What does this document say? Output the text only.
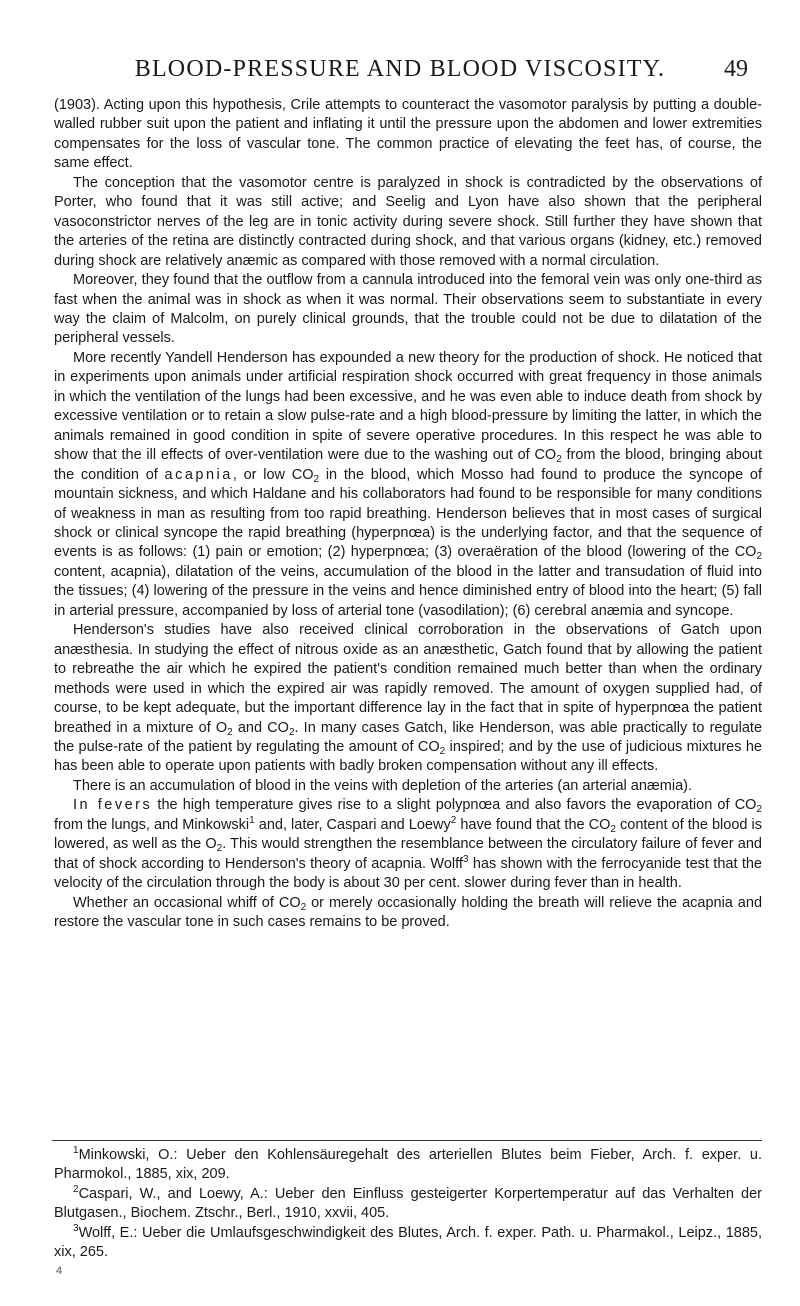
BLOOD-PRESSURE AND BLOOD VISCOSITY.	49

(1903). Acting upon this hypothesis, Crile attempts to counteract the vasomotor paralysis by putting a double-walled rubber suit upon the patient and inflating it until the pressure upon the abdomen and lower extremities compensates for the loss of vascular tone. The common practice of elevating the feet has, of course, the same effect.

The conception that the vasomotor centre is paralyzed in shock is contradicted by the observations of Porter, who found that it was still active; and Seelig and Lyon have also shown that the peripheral vasoconstrictor nerves of the leg are in tonic activity during severe shock. Still further they have shown that the arteries of the retina are distinctly contracted during shock, and that various organs (kidney, etc.) removed during shock are relatively anæmic as compared with those removed with a normal circulation.

Moreover, they found that the outflow from a cannula introduced into the femoral vein was only one-third as fast when the animal was in shock as when it was normal. Their observations seem to substantiate in every way the claim of Malcolm, on purely clinical grounds, that the trouble could not be due to dilatation of the peripheral vessels.

More recently Yandell Henderson has expounded a new theory for the production of shock. He noticed that in experiments upon animals under artificial respiration shock occurred with great frequency in those animals in which the ventilation of the lungs had been excessive, and he was even able to induce death from shock by excessive ventilation or to retain a slow pulse-rate and a high blood-pressure by limiting the latter, in which the animals remained in good condition in spite of severe operative procedures. In this respect he was able to show that the ill effects of over-ventilation were due to the washing out of $CO_2$ from the blood, bringing about the condition of acapnia, or low $CO_2$ in the blood, which Mosso had found to produce the syncope of mountain sickness, and which Haldane and his collaborators had found to be responsible for many conditions of weakness in man as resulting from too rapid breathing. Henderson believes that in most cases of surgical shock or clinical syncope the rapid breathing (hyperpnœa) is the underlying factor, and that the sequence of events is as follows: (1) pain or emotion; (2) hyperpnœa; (3) overaëration of the blood (lowering of the $CO_2$ content, acapnia), dilatation of the veins, accumulation of the blood in the latter and transudation of fluid into the tissues; (4) lowering of the pressure in the veins and hence diminished entry of blood into the heart; (5) fall in arterial pressure, accompanied by loss of arterial tone (vasodilation); (6) cerebral anæmia and syncope.

Henderson's studies have also received clinical corroboration in the observations of Gatch upon anæsthesia. In studying the effect of nitrous oxide as an anæsthetic, Gatch found that by allowing the patient to rebreathe the air which he expired the patient's condition remained much better than when the ordinary methods were used in which the expired air was rapidly removed. The amount of oxygen supplied had, of course, to be kept adequate, but the important difference lay in the fact that in spite of hyperpnœa the patient breathed in a mixture of $O_2$ and $CO_2$. In many cases Gatch, like Henderson, was able practically to regulate the pulse-rate of the patient by regulating the amount of $CO_2$ inspired; and by the use of judicious mixtures he has been able to operate upon patients with badly broken compensation without any ill effects.

There is an accumulation of blood in the veins with depletion of the arteries (an arterial anæmia).

In fevers the high temperature gives rise to a slight polypnœa and also favors the evaporation of $CO_2$ from the lungs, and Minkowski$^1$ and, later, Caspari and Loewy$^2$ have found that the $CO_2$ content of the blood is lowered, as well as the $O_2$. This would strengthen the resemblance between the circulatory failure of fever and that of shock according to Henderson's theory of acapnia. Wolff$^3$ has shown with the ferrocyanide test that the velocity of the circulation through the body is about 30 per cent. slower during fever than in health.

Whether an occasional whiff of $CO_2$ or merely occasionally holding the breath will relieve the acapnia and restore the vascular tone in such cases remains to be proved.

$^1$Minkowski, O.: Ueber den Kohlensäuregehalt des arteriellen Blutes beim Fieber, Arch. f. exper. u. Pharmokol., 1885, xix, 209.

$^2$Caspari, W., and Loewy, A.: Ueber den Einfluss gesteigerter Korpertemperatur auf das Verhalten der Blutgasen., Biochem. Ztschr., Berl., 1910, xxvii, 405.

$^3$Wolff, E.: Ueber die Umlaufsgeschwindigkeit des Blutes, Arch. f. exper. Path. u. Pharmakol., Leipz., 1885, xix, 265.

4
